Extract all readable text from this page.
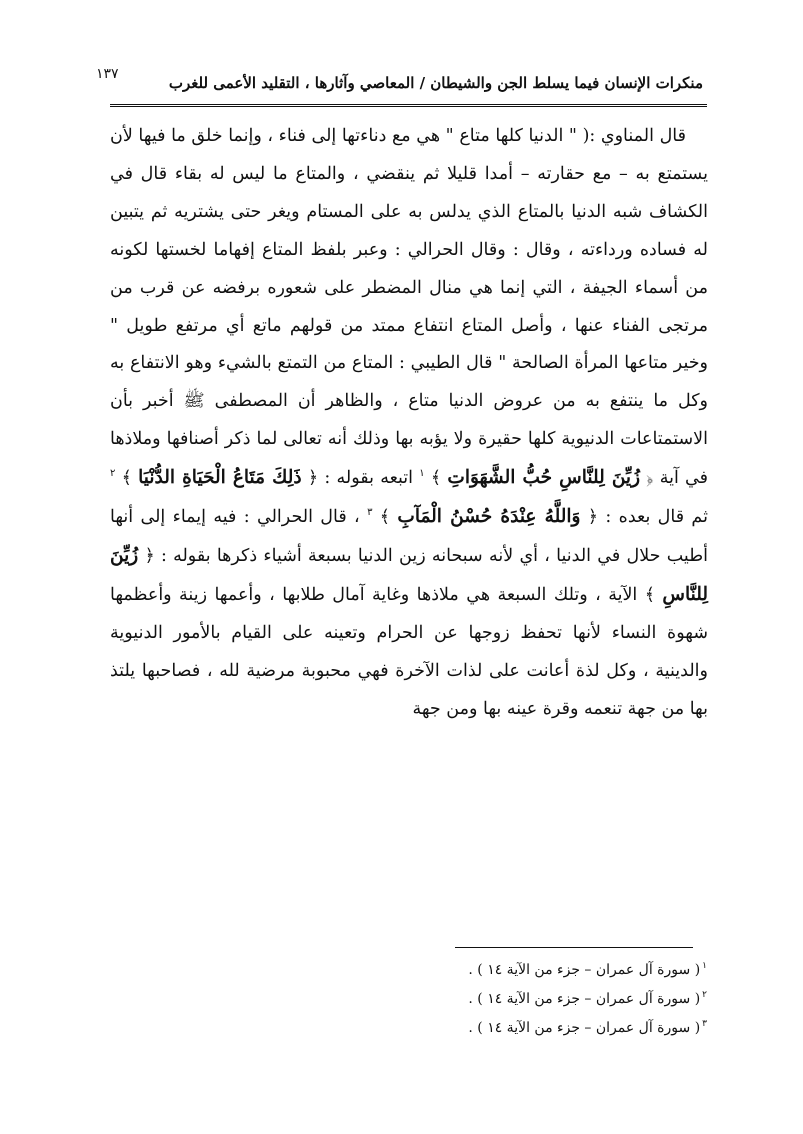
١٣٧	منكرات الإنسان فيما يسلط الجن والشيطان / المعاصي وآثارها ، التقليد الأعمى للغرب

قال المناوي :( " الدنيا كلها متاع " هي مع دناءتها إلى فناء ، وإنما خلق ما فيها لأن يستمتع به – مع حقارته – أمدا قليلا ثم ينقضي ، والمتاع ما ليس له بقاء قال في الكشاف شبه الدنيا بالمتاع الذي يدلس به على المستام ويغر حتى يشتريه ثم يتبين له فساده ورداءته ، وقال : وقال الحرالي : وعبر بلفظ المتاع إفهاما لخستها لكونه من أسماء الجيفة ، التي إنما هي منال المضطر على شعوره برفضه عن قرب من مرتجى الفناء عنها ، وأصل المتاع انتفاع ممتد من قولهم ماتع أي مرتفع طويل " وخير متاعها المرأة الصالحة " قال الطيبي : المتاع من التمتع بالشيء وهو الانتفاع به وكل ما ينتفع به من عروض الدنيا متاع ، والظاهر أن المصطفى ﷺ أخبر بأن الاستمتاعات الدنيوية كلها حقيرة ولا يؤبه بها وذلك أنه تعالى لما ذكر أصنافها وملاذها في آية ﴿ زُيِّنَ لِلنَّاسِ حُبُّ الشَّهَوَاتِ ﴾ $^١$ اتبعه بقوله : ﴿ ذَلِكَ مَتَاعُ الْحَيَاةِ الدُّنْيَا ﴾ $^٢$ ثم قال بعده : ﴿ وَاللَّهُ عِنْدَهُ حُسْنُ الْمَآبِ ﴾ $^٣$ ، قال الحرالي : فيه إيماء إلى أنها أطيب حلال في الدنيا ، أي لأنه سبحانه زين الدنيا بسبعة أشياء ذكرها بقوله : ﴿ زُيِّنَ لِلنَّاسِ ﴾ الآية ، وتلك السبعة هي ملاذها وغاية آمال طلابها ، وأعمها زينة وأعظمها شهوة النساء لأنها تحفظ زوجها عن الحرام وتعينه على القيام بالأمور الدنيوية والدينية ، وكل لذة أعانت على لذات الآخرة فهي محبوبة مرضية لله ، فصاحبها يلتذ بها من جهة تنعمه وقرة عينه بها ومن جهة

$^١$( سورة آل عمران – جزء من الآية ١٤ ) .
$^٢$( سورة آل عمران – جزء من الآية ١٤ ) .
$^٣$( سورة آل عمران – جزء من الآية ١٤ ) .
